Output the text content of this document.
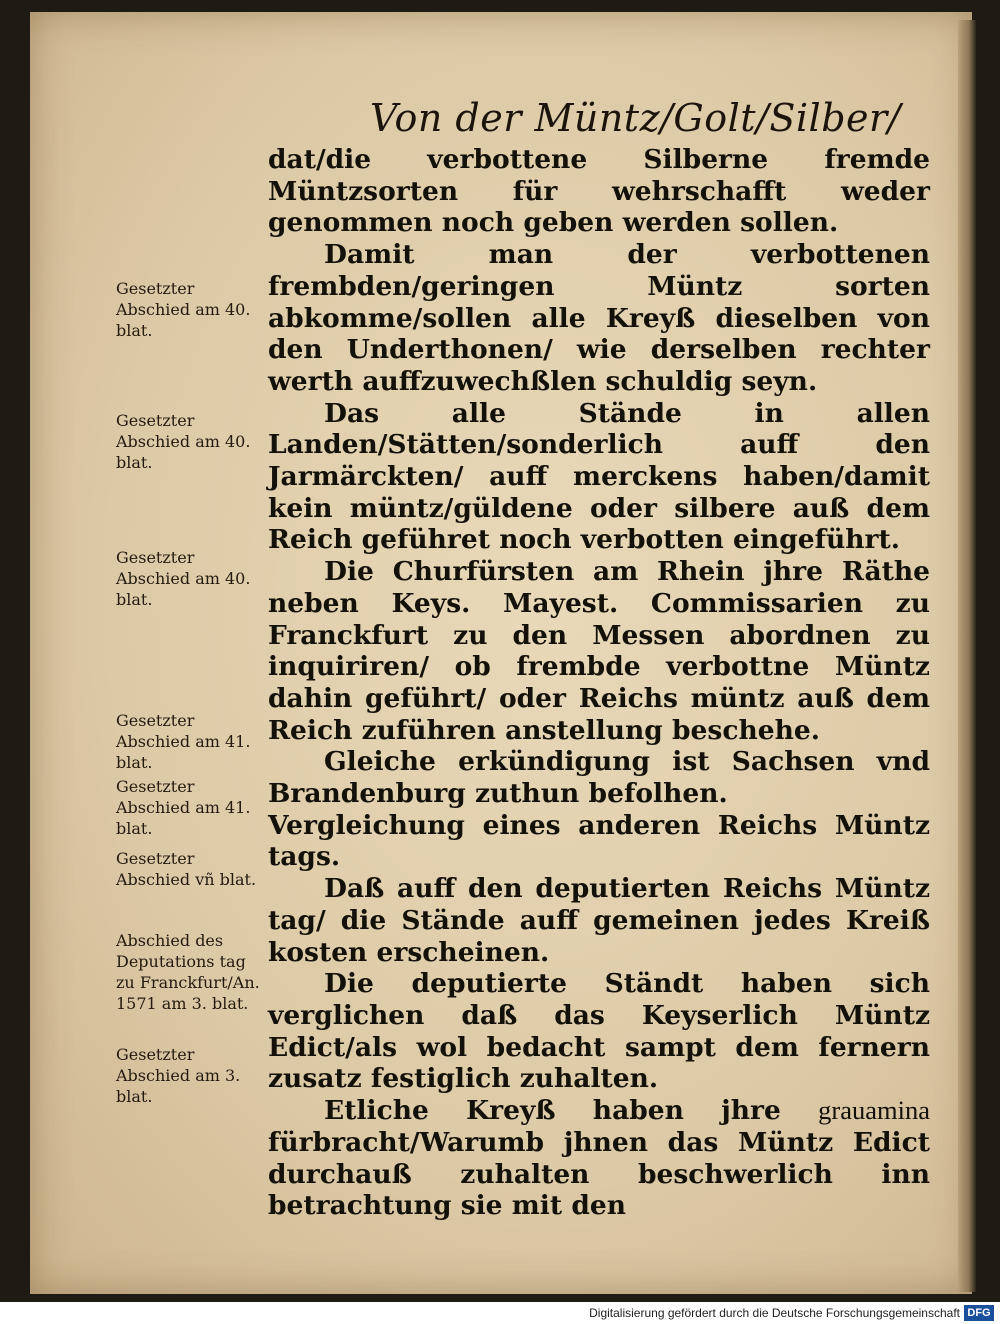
Von der Müntz/Golt/Silber/

dat/die verbottene Silberne fremde Müntzsorten für wehrschafft weder genommen noch geben werden sollen.

Damit man der verbottenen frembden/geringen Müntz sorten abkomme/sollen alle Kreyß dieselben von den Underthonen/ wie derselben rechter werth auffzuwechßlen schuldig seyn.

Das alle Stände in allen Landen/Stätten/sonderlich auff den Jarmärckten/ auff merckens haben/damit kein müntz/güldene oder silbere auß dem Reich geführet noch verbotten eingeführt.

Die Churfürsten am Rhein jhre Räthe neben Keys. Mayest. Commissarien zu Franckfurt zu den Messen abordnen zu inquiriren/ ob frembde verbottne Müntz dahin geführt/ oder Reichs müntz auß dem Reich zuführen anstellung beschehe.

Gleiche erkündigung ist Sachsen vnd Brandenburg zuthun befolhen.

Vergleichung eines anderen Reichs Müntz tags.

Daß auff den deputierten Reichs Müntz tag/ die Stände auff gemeinen jedes Kreiß kosten erscheinen.

Die deputierte Ständt haben sich verglichen daß das Keyserlich Müntz Edict/als wol bedacht sampt dem fernern zusatz festiglich zuhalten.

Etliche Kreyß haben jhre grauamina fürbracht/Warumb jhnen das Müntz Edict durchauß zuhalten beschwerlich inn betrachtung sie mit den

Gesetzter Abschied am 40. blat.
Gesetzter Abschied am 40. blat.
Gesetzter Abschied am 40. blat.
Gesetzter Abschied am 41. blat.
Gesetzter Abschied am 41. blat.
Gesetzter Abschied vñ blat.
Abschied des Deputations tag zu Franckfurt/An. 1571 am 3. blat.
Gesetzter Abschied am 3. blat.
Digitalisierung gefördert durch die Deutsche Forschungsgemeinschaft DFG
